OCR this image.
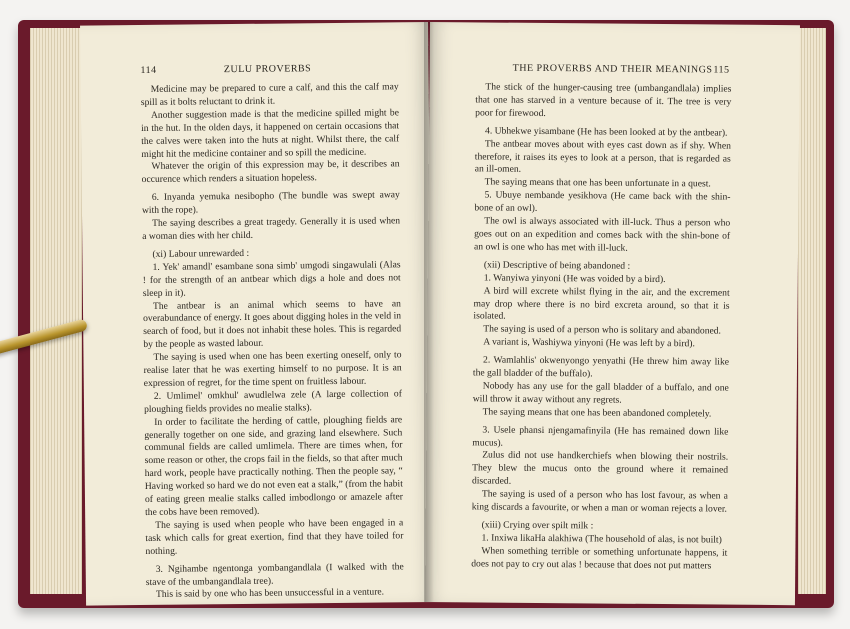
114	ZULU PROVERBS

Medicine may be prepared to cure a calf, and this the calf may spill as it bolts reluctant to drink it.

Another suggestion made is that the medicine spilled might be in the hut. In the olden days, it happened on certain occasions that the calves were taken into the huts at night. Whilst there, the calf might hit the medicine container and so spill the medicine.

Whatever the origin of this expression may be, it describes an occurence which renders a situation hopeless.

6. Inyanda yemuka nesibopho (The bundle was swept away with the rope).

The saying describes a great tragedy. Generally it is used when a woman dies with her child.

(xi) Labour unrewarded :

1. Yek' amandl' esambane sona simb' umgodi singawulali (Alas ! for the strength of an antbear which digs a hole and does not sleep in it).

The antbear is an animal which seems to have an overabundance of energy. It goes about digging holes in the veld in search of food, but it does not inhabit these holes. This is regarded by the people as wasted labour.

The saying is used when one has been exerting oneself, only to realise later that he was exerting himself to no purpose. It is an expression of regret, for the time spent on fruitless labour.

2. Umlimel' omkhul' awudlelwa zele (A large collection of ploughing fields provides no mealie stalks).

In order to facilitate the herding of cattle, ploughing fields are generally together on one side, and grazing land elsewhere. Such communal fields are called umlimela. There are times when, for some reason or other, the crops fail in the fields, so that after much hard work, people have practically nothing. Then the people say, “ Having worked so hard we do not even eat a stalk,” (from the habit of eating green mealie stalks called imbodlongo or amazele after the cobs have been removed).

The saying is used when people who have been engaged in a task which calls for great exertion, find that they have toiled for nothing.

3. Ngihambe ngentonga yombangandlala (I walked with the stave of the umbangandlala tree).

This is said by one who has been unsuccessful in a venture.

THE PROVERBS AND THEIR MEANINGS 115

The stick of the hunger-causing tree (umbangandlala) implies that one has starved in a venture because of it. The tree is very poor for firewood.

4. Ubhekwe yisambane (He has been looked at by the antbear).

The antbear moves about with eyes cast down as if shy. When therefore, it raises its eyes to look at a person, that is regarded as an ill-omen.

The saying means that one has been unfortunate in a quest.

5. Ubuye nembande yesikhova (He came back with the shin-bone of an owl).

The owl is always associated with ill-luck. Thus a person who goes out on an expedition and comes back with the shin-bone of an owl is one who has met with ill-luck.

(xii) Descriptive of being abandoned :

1. Wanyiwa yinyoni (He was voided by a bird).

A bird will excrete whilst flying in the air, and the excrement may drop where there is no bird excreta around, so that it is isolated.

The saying is used of a person who is solitary and abandoned.

A variant is, Washiywa yinyoni (He was left by a bird).

2. Wamlahlis' okwenyongo yenyathi (He threw him away like the gall bladder of the buffalo).

Nobody has any use for the gall bladder of a buffalo, and one will throw it away without any regrets.

The saying means that one has been abandoned completely.

3. Usele phansi njengamafinyila (He has remained down like mucus).

Zulus did not use handkerchiefs when blowing their nostrils. They blew the mucus onto the ground where it remained discarded.

The saying is used of a person who has lost favour, as when a king discards a favourite, or when a man or woman rejects a lover.

(xiii) Crying over spilt milk :

1. Inxiwa likaHa alakhiwa (The household of alas, is not built)

When something terrible or something unfortunate happens, it does not pay to cry out alas ! because that does not put matters
